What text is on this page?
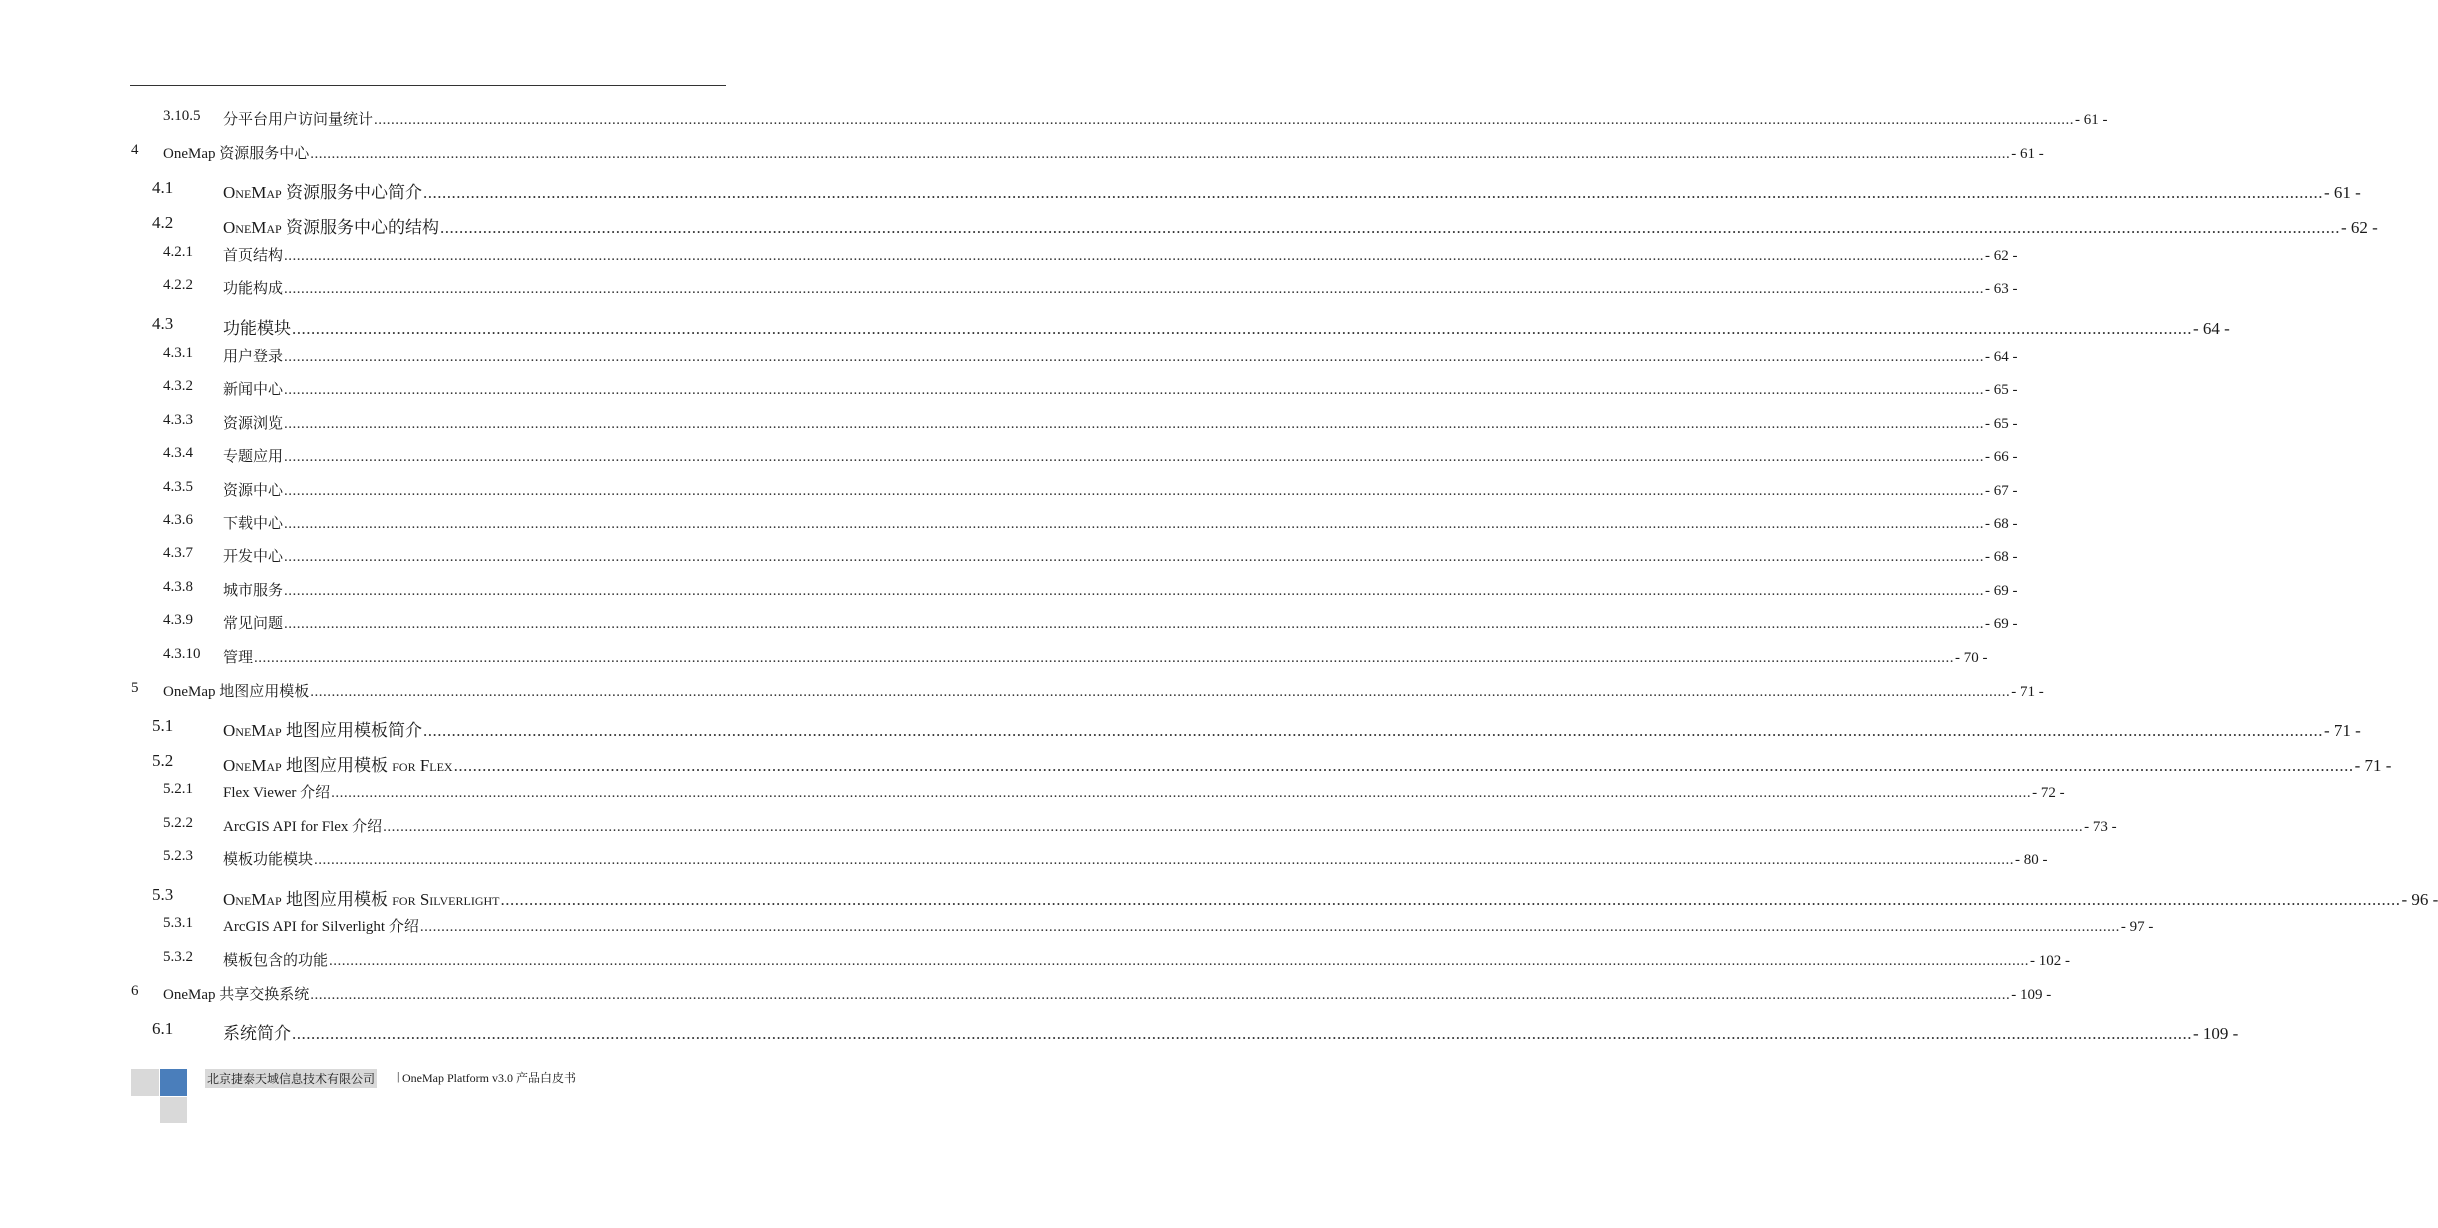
3.10.5 分平台用户访问量统计 ................................................................................................................................................................................................................................................................................................................................................................................................................ - 61 -
4 OneMap 资源服务中心 ................................................................................................................................................................................................................................................................................................................................................................................................................ - 61 -
4.1	OneMap 资源服务中心简介 ................................................................................................................................................................................................................................................................................................................................................................................................................ - 61 -
4.2	OneMap 资源服务中心的结构 ................................................................................................................................................................................................................................................................................................................................................................................................................ - 62 -
4.2.1 首页结构 ................................................................................................................................................................................................................................................................................................................................................................................................................ - 62 -
4.2.2 功能构成 ................................................................................................................................................................................................................................................................................................................................................................................................................ - 63 -
4.3	功能模块 ................................................................................................................................................................................................................................................................................................................................................................................................................ - 64 -
4.3.1 用户登录 ................................................................................................................................................................................................................................................................................................................................................................................................................ - 64 -
4.3.2 新闻中心 ................................................................................................................................................................................................................................................................................................................................................................................................................ - 65 -
4.3.3 资源浏览 ................................................................................................................................................................................................................................................................................................................................................................................................................ - 65 -
4.3.4 专题应用 ................................................................................................................................................................................................................................................................................................................................................................................................................ - 66 -
4.3.5 资源中心 ................................................................................................................................................................................................................................................................................................................................................................................................................ - 67 -
4.3.6 下载中心 ................................................................................................................................................................................................................................................................................................................................................................................................................ - 68 -
4.3.7 开发中心 ................................................................................................................................................................................................................................................................................................................................................................................................................ - 68 -
4.3.8 城市服务 ................................................................................................................................................................................................................................................................................................................................................................................................................ - 69 -
4.3.9 常见问题 ................................................................................................................................................................................................................................................................................................................................................................................................................ - 69 -
4.3.10 管理 ................................................................................................................................................................................................................................................................................................................................................................................................................ - 70 -
5 OneMap 地图应用模板 ................................................................................................................................................................................................................................................................................................................................................................................................................ - 71 -
5.1	OneMap 地图应用模板简介 ................................................................................................................................................................................................................................................................................................................................................................................................................ - 71 -
5.2	OneMap 地图应用模板 for Flex ................................................................................................................................................................................................................................................................................................................................................................................................................ - 71 -
5.2.1 Flex Viewer 介绍 ................................................................................................................................................................................................................................................................................................................................................................................................................ - 72 -
5.2.2 ArcGIS API for Flex 介绍 ................................................................................................................................................................................................................................................................................................................................................................................................................ - 73 -
5.2.3 模板功能模块 ................................................................................................................................................................................................................................................................................................................................................................................................................ - 80 -
5.3	OneMap 地图应用模板 for Silverlight ................................................................................................................................................................................................................................................................................................................................................................................................................ - 96 -
5.3.1 ArcGIS API for Silverlight 介绍 ................................................................................................................................................................................................................................................................................................................................................................................................................ - 97 -
5.3.2 模板包含的功能 ................................................................................................................................................................................................................................................................................................................................................................................................................ - 102 -
6 OneMap 共享交换系统 ................................................................................................................................................................................................................................................................................................................................................................................................................ - 109 -
6.1	系统简介 ................................................................................................................................................................................................................................................................................................................................................................................................................ - 109 -
北京捷泰天域信息技术有限公司 | OneMap Platform v3.0 产品白皮书
